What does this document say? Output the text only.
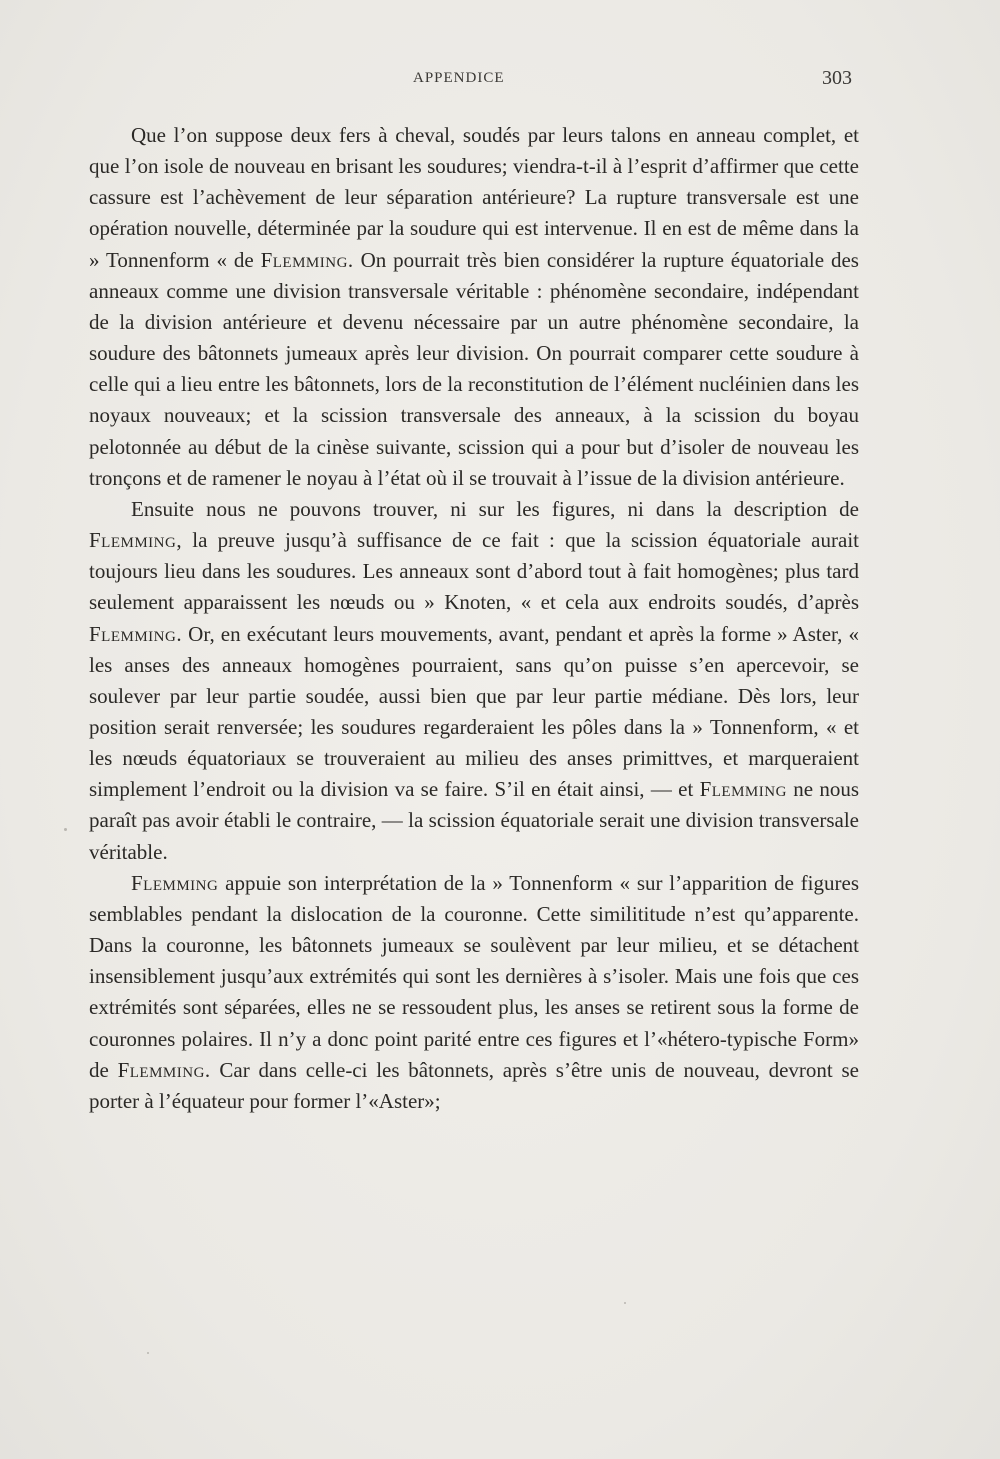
APPENDICE	303

Que l’on suppose deux fers à cheval, soudés par leurs talons en anneau complet, et que l’on isole de nouveau en brisant les soudures; viendra-t-il à l’esprit d’affirmer que cette cassure est l’achèvement de leur séparation antérieure? La rupture transversale est une opération nouvelle, déterminée par la soudure qui est intervenue. Il en est de même dans la » Tonnenform « de Flemming. On pourrait très bien considérer la rupture équatoriale des anneaux comme une division transversale véritable : phénomène secondaire, indépendant de la division antérieure et devenu nécessaire par un autre phénomène secondaire, la soudure des bâtonnets jumeaux après leur division. On pourrait comparer cette soudure à celle qui a lieu entre les bâtonnets, lors de la reconstitution de l’élément nucléinien dans les noyaux nouveaux; et la scission transversale des anneaux, à la scission du boyau pelotonnée au début de la cinèse suivante, scission qui a pour but d’isoler de nouveau les tronçons et de ramener le noyau à l’état où il se trouvait à l’issue de la division antérieure.

Ensuite nous ne pouvons trouver, ni sur les figures, ni dans la description de Flemming, la preuve jusqu’à suffisance de ce fait : que la scission équatoriale aurait toujours lieu dans les soudures. Les anneaux sont d’abord tout à fait homogènes; plus tard seulement apparaissent les nœuds ou » Knoten, « et cela aux endroits soudés, d’après Flemming. Or, en exécutant leurs mouvements, avant, pendant et après la forme » Aster, « les anses des anneaux homogènes pourraient, sans qu’on puisse s’en apercevoir, se soulever par leur partie soudée, aussi bien que par leur partie médiane. Dès lors, leur position serait renversée; les soudures regarderaient les pôles dans la » Tonnenform, « et les nœuds équatoriaux se trouveraient au milieu des anses primittves, et marqueraient simplement l’endroit ou la division va se faire. S’il en était ainsi, — et Flemming ne nous paraît pas avoir établi le contraire, — la scission équatoriale serait une division transversale véritable.

Flemming appuie son interprétation de la » Tonnenform « sur l’apparition de figures semblables pendant la dislocation de la couronne. Cette similititude n’est qu’apparente. Dans la couronne, les bâtonnets jumeaux se soulèvent par leur milieu, et se détachent insensiblement jusqu’aux extrémités qui sont les dernières à s’isoler. Mais une fois que ces extrémités sont séparées, elles ne se ressoudent plus, les anses se retirent sous la forme de couronnes polaires. Il n’y a donc point parité entre ces figures et l’«hétero-typische Form» de Flemming. Car dans celle-ci les bâtonnets, après s’être unis de nouveau, devront se porter à l’équateur pour former l’«Aster»;
